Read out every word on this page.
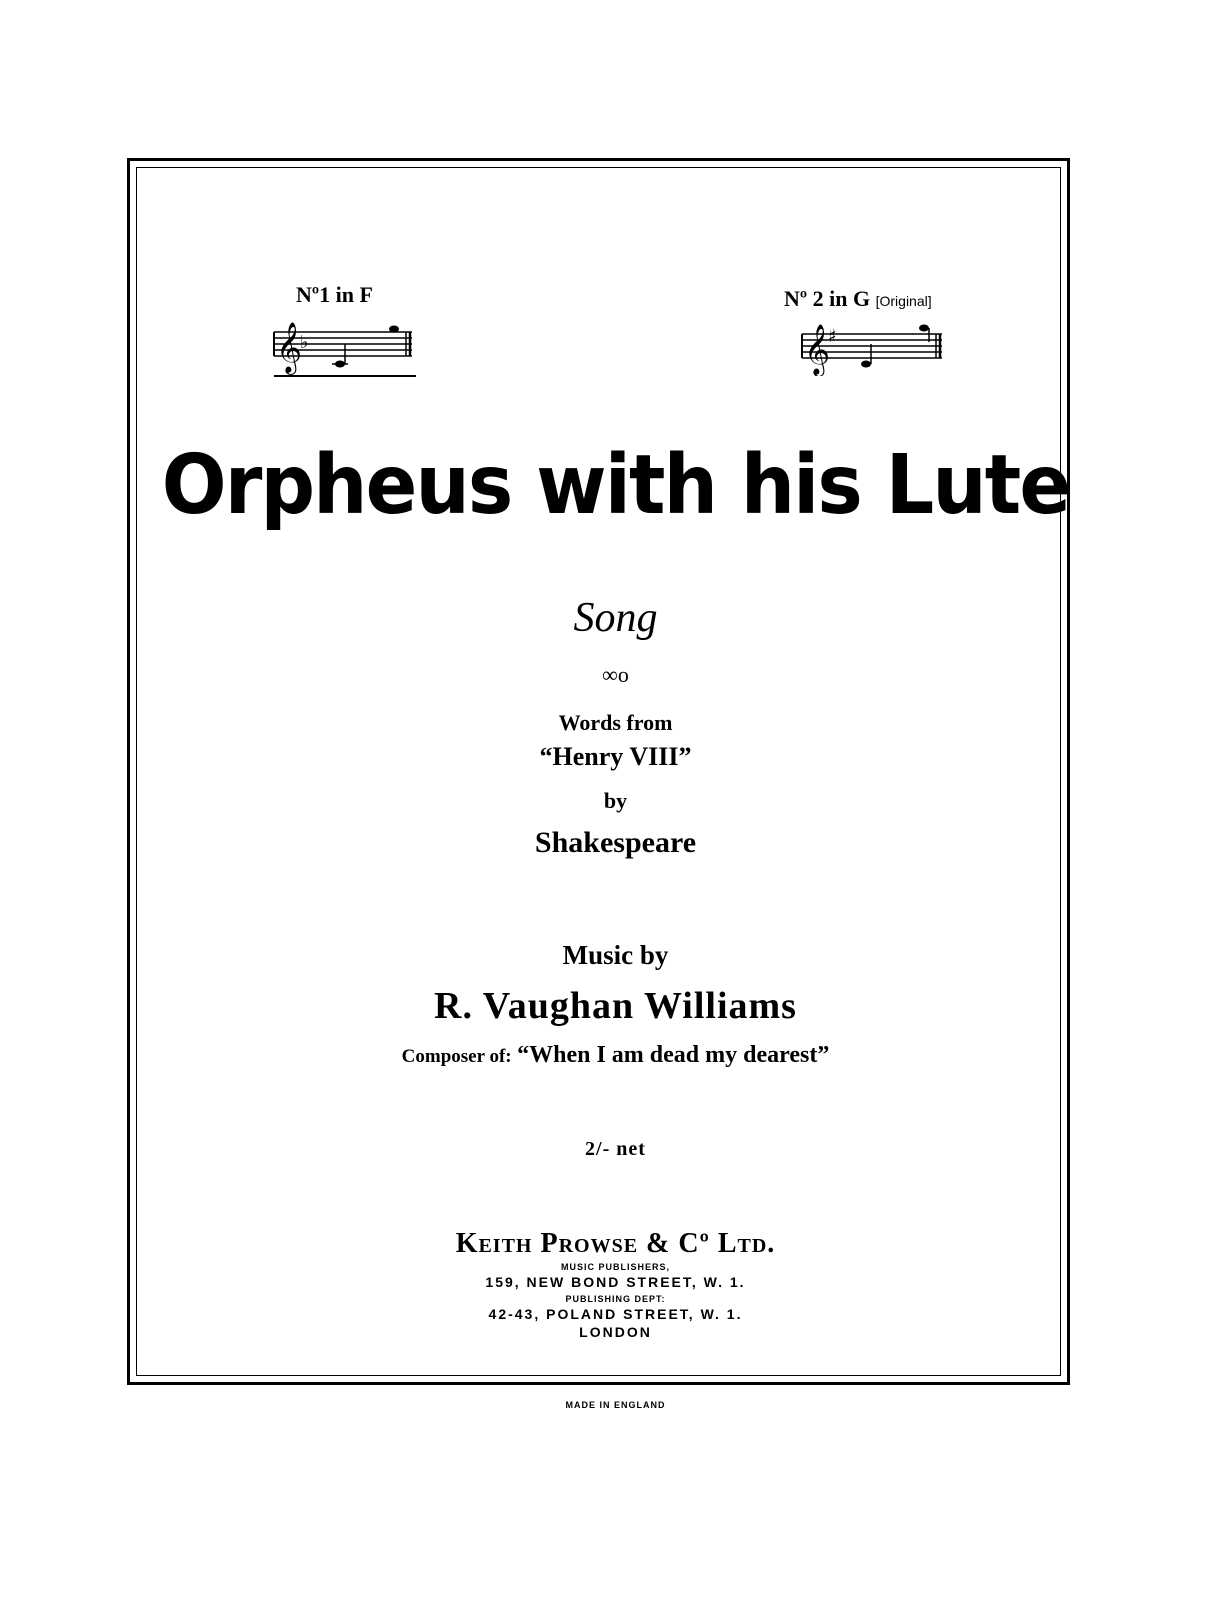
Nº1 in F
𝄞
♭
Nº 2 in G [Original]
𝄞
♯
Orpheus with his Lute
Song
∞o
Words from
“Henry VIII”
by
Shakespeare
Music by
R. Vaughan Williams
Composer of: “When I am dead my dearest”
2/- net
Keith Prowse & Cº Ltd.
MUSIC PUBLISHERS,
159, NEW BOND STREET, W. 1.
PUBLISHING DEPT:
42-43, POLAND STREET, W. 1.
LONDON
MADE IN ENGLAND
